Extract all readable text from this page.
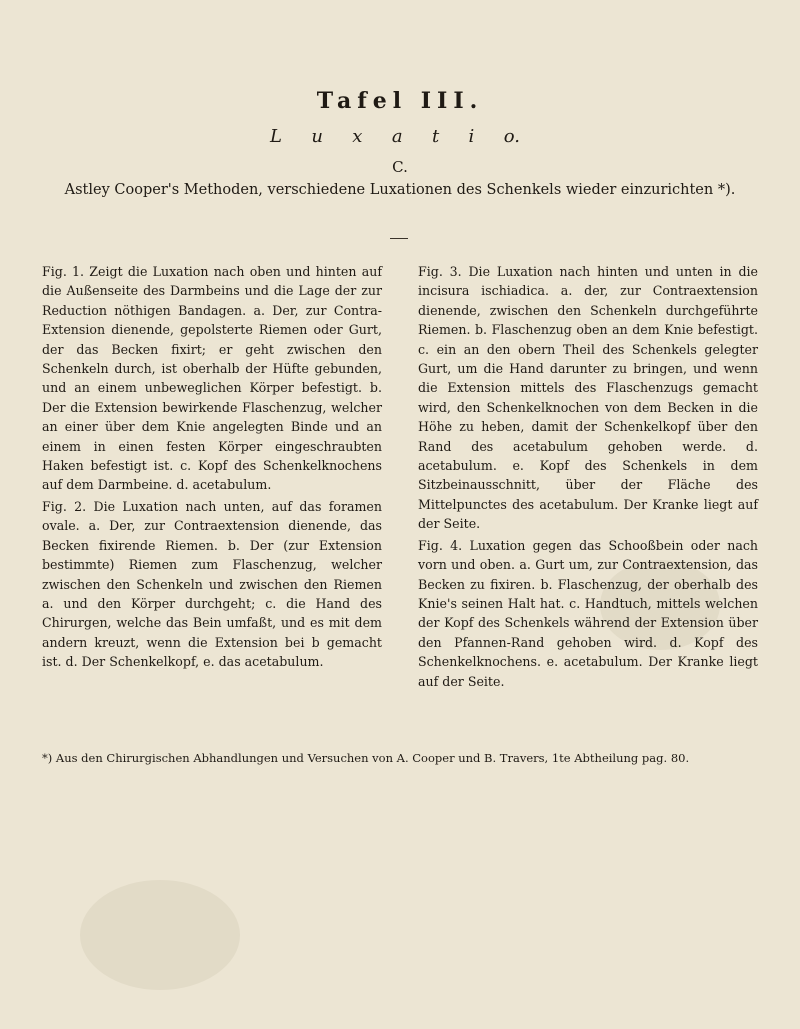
Tafel III.
L u x a t i o.
C.
Astley Cooper's Methoden, verschiedene Luxationen des Schenkels wieder einzurichten *).

Fig. 1. Zeigt die Luxation nach oben und hinten auf die Außenseite des Darmbeins und die Lage der zur Reduction nöthigen Bandagen. a. Der, zur Contra-Extension dienende, gepolsterte Riemen oder Gurt, der das Becken fixirt; er geht zwischen den Schenkeln durch, ist oberhalb der Hüfte gebunden, und an einem unbeweglichen Körper befestigt. b. Der die Extension bewirkende Flaschenzug, welcher an einer über dem Knie angelegten Binde und an einem in einen festen Körper eingeschraubten Haken befestigt ist. c. Kopf des Schenkelknochens auf dem Darmbeine. d. acetabulum.

Fig. 2. Die Luxation nach unten, auf das foramen ovale. a. Der, zur Contraextension dienende, das Becken fixirende Riemen. b. Der (zur Extension bestimmte) Riemen zum Flaschenzug, welcher zwischen den Schenkeln und zwischen den Riemen a. und den Körper durchgeht; c. die Hand des Chirurgen, welche das Bein umfaßt, und es mit dem andern kreuzt, wenn die Extension bei b gemacht ist. d. Der Schenkelkopf, e. das acetabulum.

Fig. 3. Die Luxation nach hinten und unten in die incisura ischiadica. a. der, zur Contraextension dienende, zwischen den Schenkeln durchgeführte Riemen. b. Flaschenzug oben an dem Knie befestigt. c. ein an den obern Theil des Schenkels gelegter Gurt, um die Hand darunter zu bringen, und wenn die Extension mittels des Flaschenzugs gemacht wird, den Schenkelknochen von dem Becken in die Höhe zu heben, damit der Schenkelkopf über den Rand des acetabulum gehoben werde. d. acetabulum. e. Kopf des Schenkels in dem Sitzbeinausschnitt, über der Fläche des Mittelpunctes des acetabulum. Der Kranke liegt auf der Seite.

Fig. 4. Luxation gegen das Schooßbein oder nach vorn und oben. a. Gurt um, zur Contraextension, das Becken zu fixiren. b. Flaschenzug, der oberhalb des Knie's seinen Halt hat. c. Handtuch, mittels welchen der Kopf des Schenkels während der Extension über den Pfannen-Rand gehoben wird. d. Kopf des Schenkelknochens. e. acetabulum. Der Kranke liegt auf der Seite.

*) Aus den Chirurgischen Abhandlungen und Versuchen von A. Cooper und B. Travers, 1te Abtheilung pag. 80.
